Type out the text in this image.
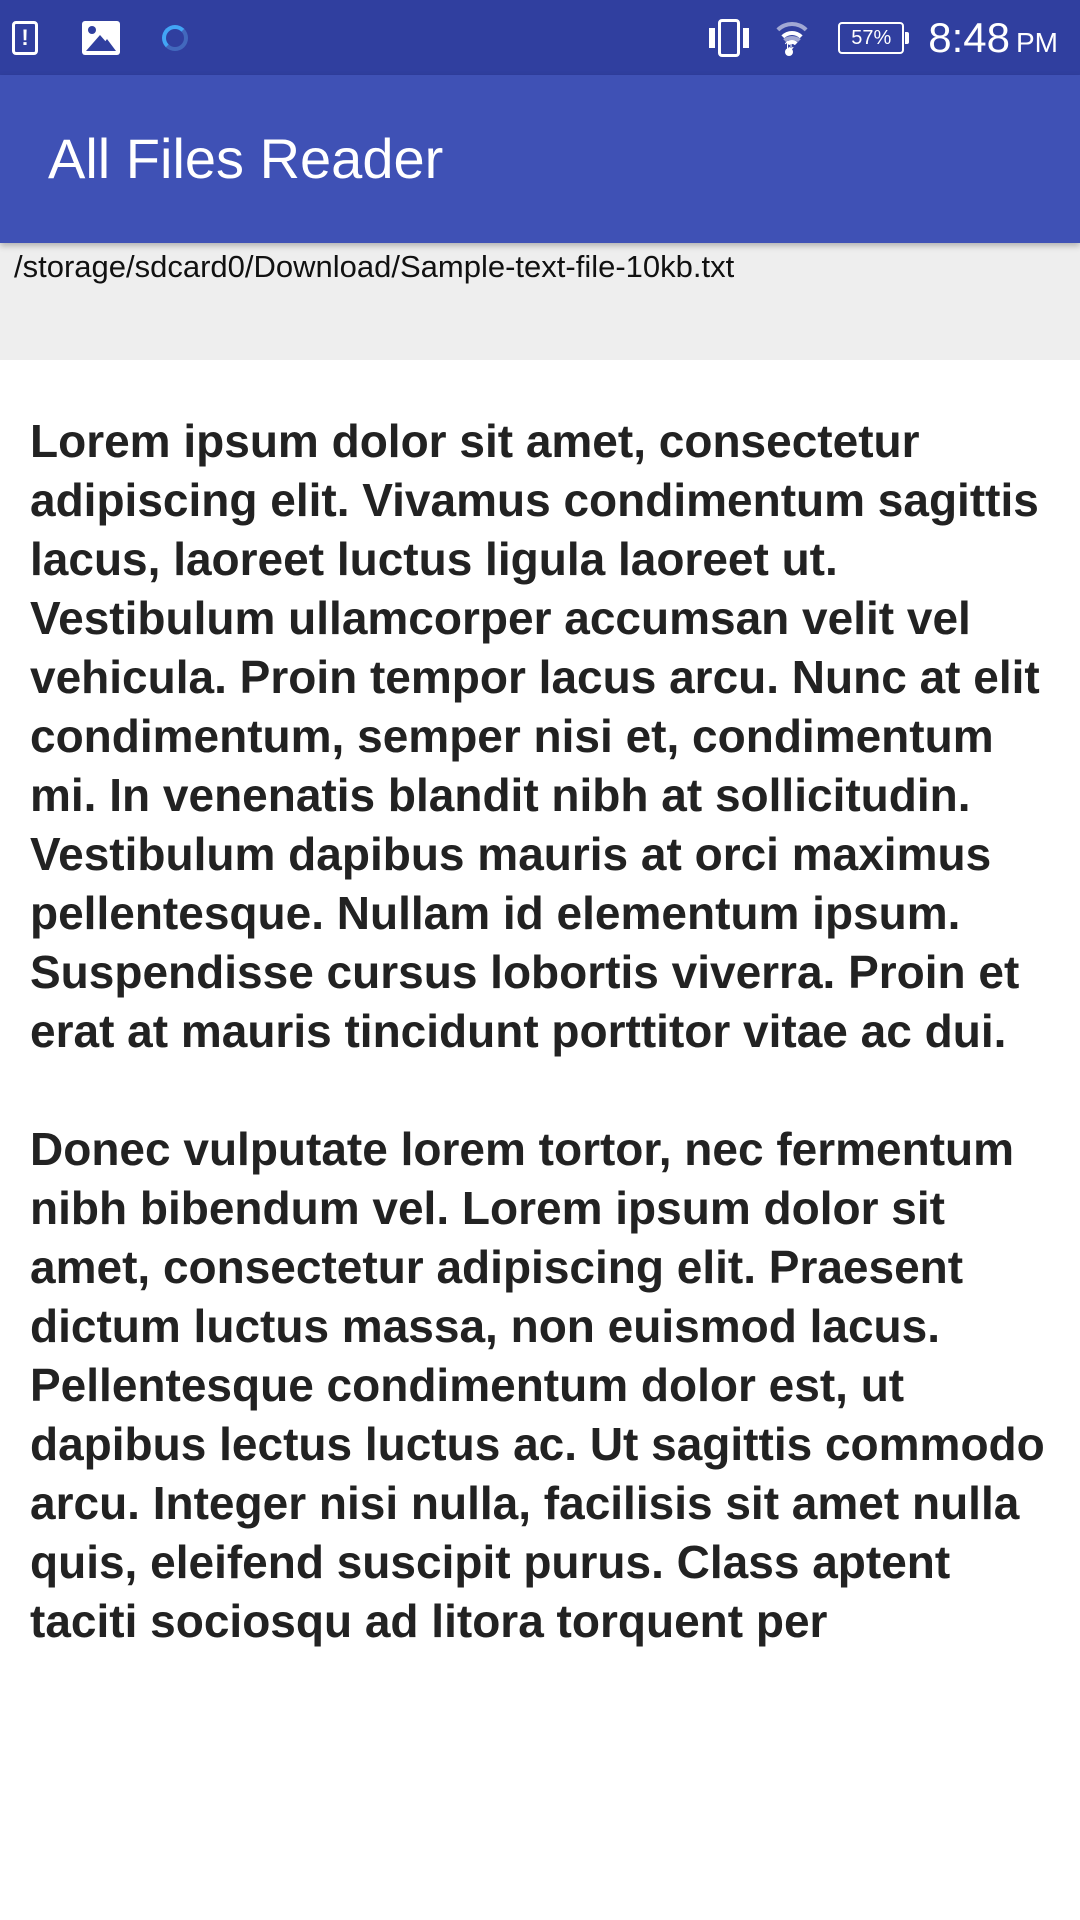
!	⇅	57% 8:48 PM
All Files Reader
/storage/sdcard0/Download/Sample-text-file-10kb.txt

Lorem ipsum dolor sit amet, consectetur adipiscing elit. Vivamus condimentum sagittis lacus, laoreet luctus ligula laoreet ut. Vestibulum ullamcorper accumsan velit vel vehicula. Proin tempor lacus arcu. Nunc at elit condimentum, semper nisi et, condimentum mi. In venenatis blandit nibh at sollicitudin. Vestibulum dapibus mauris at orci maximus pellentesque. Nullam id elementum ipsum. Suspendisse cursus lobortis viverra. Proin et erat at mauris tincidunt porttitor vitae ac dui.

Donec vulputate lorem tortor, nec fermentum nibh bibendum vel. Lorem ipsum dolor sit amet, consectetur adipiscing elit. Praesent dictum luctus massa, non euismod lacus. Pellentesque condimentum dolor est, ut dapibus lectus luctus ac. Ut sagittis commodo arcu. Integer nisi nulla, facilisis sit amet nulla quis, eleifend suscipit purus. Class aptent taciti sociosqu ad litora torquent per
